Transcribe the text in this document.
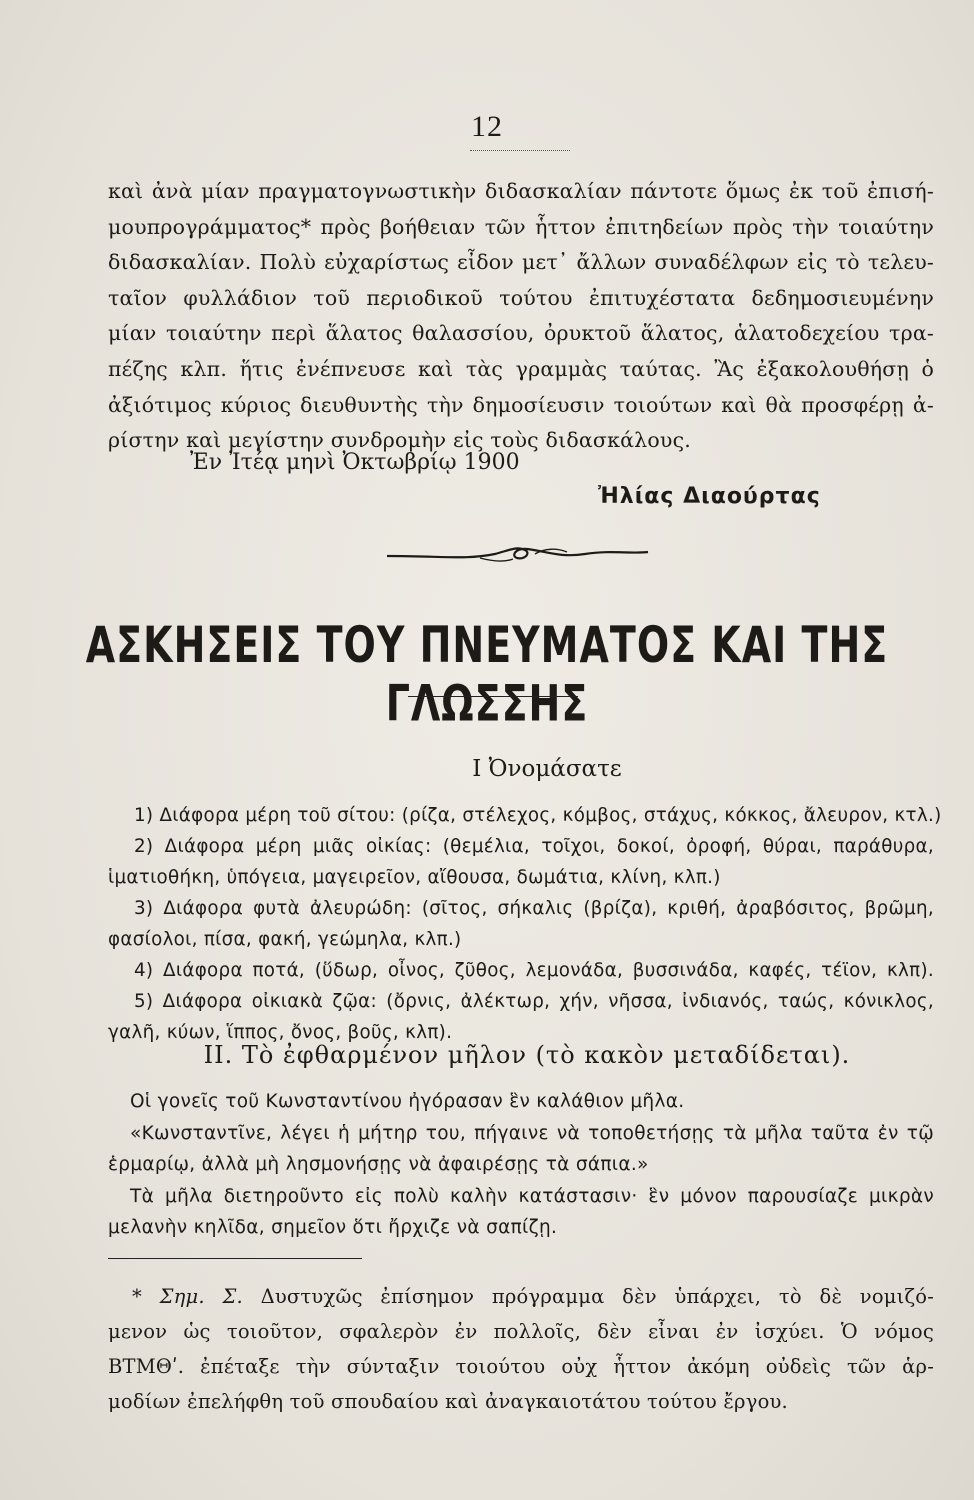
12
καὶ ἀνὰ μίαν πραγματογνωστικὴν διδασκαλίαν πάντοτε ὅμως ἐκ τοῦ ἐπισή-
μουπρογράμματος* πρὸς βοήθειαν τῶν ἧττον ἐπιτηδείων πρὸς τὴν τοιαύτην
διδασκαλίαν. Πολὺ εὐχαρίστως εἶδον μετ᾽ ἄλλων συναδέλφων εἰς τὸ τελευ-
ταῖον φυλλάδιον τοῦ περιοδικοῦ τούτου ἐπιτυχέστατα δεδημοσιευμένην
μίαν τοιαύτην περὶ ἅλατος θαλασσίου, ὀρυκτοῦ ἅλατος, ἁλατοδεχείου τρα-
πέζης κλπ. ἥτις ἐνέπνευσε καὶ τὰς γραμμὰς ταύτας. Ἂς ἐξακολουθήσῃ ὁ
ἀξιότιμος κύριος διευθυντὴς τὴν δημοσίευσιν τοιούτων καὶ θὰ προσφέρῃ ἀ-
ρίστην καὶ μεγίστην συνδρομὴν εἰς τοὺς διδασκάλους.
Ἐν Ἰτέᾳ μηνὶ Ὀκτωβρίῳ 1900
Ἠλίας Διαούρτας
ΑΣΚΗΣΕΙΣ ΤΟΥ ΠΝΕΥΜΑΤΟΣ ΚΑΙ ΤΗΣ ΓΛΩΣΣΗΣ
Ι Ὀνομάσατε
1) Διάφορα μέρη τοῦ σίτου: (ρίζα, στέλεχος, κόμβος, στάχυς, κόκκος, ἄλευρον, κτλ.)
2) Διάφορα μέρη μιᾶς οἰκίας: (θεμέλια, τοῖχοι, δοκοί, ὀροφή, θύραι, παράθυρα,
ἱματιοθήκη, ὑπόγεια, μαγειρεῖον, αἴθουσα, δωμάτια, κλίνη, κλπ.)
3) Διάφορα φυτὰ ἀλευρώδη: (σῖτος, σήκαλις (βρίζα), κριθή, ἀραβόσιτος, βρῶμη,
φασίολοι, πίσα, φακή, γεώμηλα, κλπ.)
4) Διάφορα ποτά, (ὕδωρ, οἶνος, ζῦθος, λεμονάδα, βυσσινάδα, καφές, τέϊον, κλπ).
5) Διάφορα οἰκιακὰ ζῷα: (ὄρνις, ἀλέκτωρ, χήν, νῆσσα, ἰνδιανός, ταώς, κόνικλος,
γαλῆ, κύων, ἵππος, ὄνος, βοῦς, κλπ).
ΙΙ. Τὸ ἐφθαρμένον μῆλον (τὸ κακὸν μεταδίδεται).
Οἱ γονεῖς τοῦ Κωνσταντίνου ἠγόρασαν ἓν καλάθιον μῆλα.
«Κωνσταντῖνε, λέγει ἡ μήτηρ του, πήγαινε νὰ τοποθετήσῃς τὰ μῆλα ταῦτα ἐν τῷ
ἑρμαρίῳ, ἀλλὰ μὴ λησμονήσῃς νὰ ἀφαιρέσῃς τὰ σάπια.»
Τὰ μῆλα διετηροῦντο εἰς πολὺ καλὴν κατάστασιν· ἓν μόνον παρουσίαζε μικρὰν
μελανὴν κηλῖδα, σημεῖον ὅτι ἤρχιζε νὰ σαπίζῃ.
* Σημ. Σ. Δυστυχῶς ἐπίσημον πρόγραμμα δὲν ὑπάρχει, τὸ δὲ νομιζό-
μενον ὡς τοιοῦτον, σφαλερὸν ἐν πολλοῖς, δὲν εἶναι ἐν ἰσχύει. Ὁ νόμος
ΒΤΜΘʹ. ἐπέταξε τὴν σύνταξιν τοιούτου οὐχ ἧττον ἀκόμη οὐδεὶς τῶν ἁρ-
μοδίων ἐπελήφθη τοῦ σπουδαίου καὶ ἀναγκαιοτάτου τούτου ἔργου.
